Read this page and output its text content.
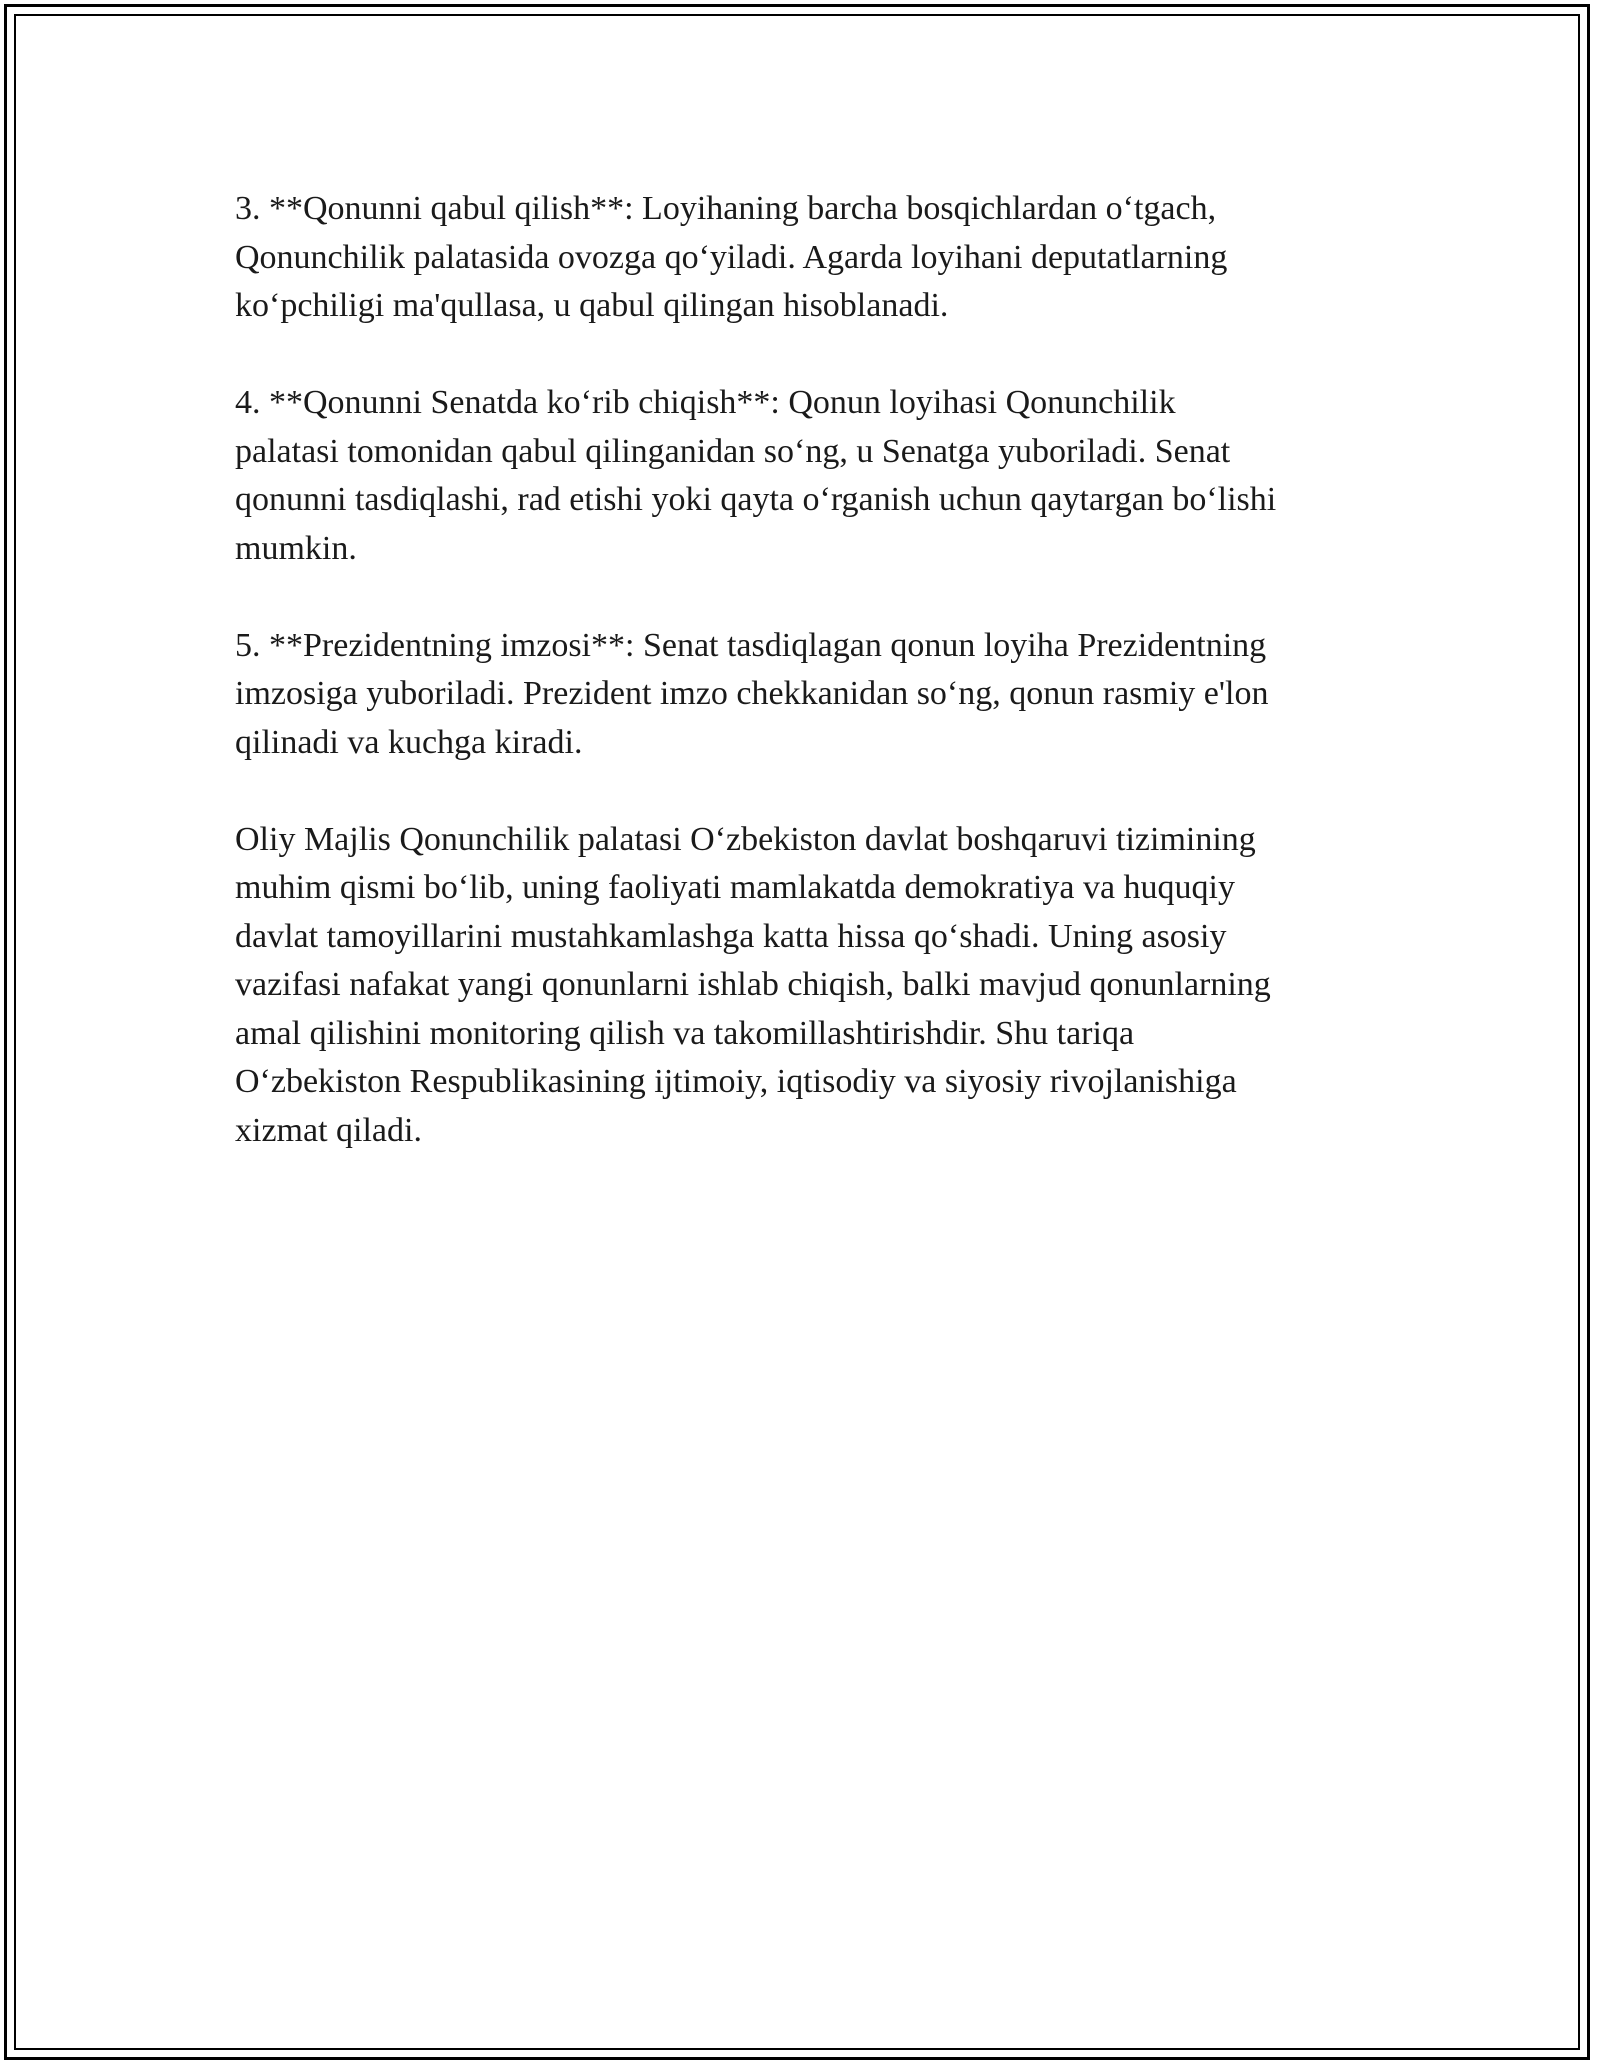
3. **Qonunni qabul qilish**: Loyihaning barcha bosqichlardan o‘tgach,
Qonunchilik palatasida ovozga qo‘yiladi. Agarda loyihani deputatlarning
ko‘pchiligi ma'qullasa, u qabul qilingan hisoblanadi.

4. **Qonunni Senatda ko‘rib chiqish**: Qonun loyihasi Qonunchilik
palatasi tomonidan qabul qilinganidan so‘ng, u Senatga yuboriladi. Senat
qonunni tasdiqlashi, rad etishi yoki qayta o‘rganish uchun qaytargan bo‘lishi
mumkin.

5. **Prezidentning imzosi**: Senat tasdiqlagan qonun loyiha Prezidentning
imzosiga yuboriladi. Prezident imzo chekkanidan so‘ng, qonun rasmiy e'lon
qilinadi va kuchga kiradi.

Oliy Majlis Qonunchilik palatasi O‘zbekiston davlat boshqaruvi tizimining
muhim qismi bo‘lib, uning faoliyati mamlakatda demokratiya va huquqiy
davlat tamoyillarini mustahkamlashga katta hissa qo‘shadi. Uning asosiy
vazifasi nafakat yangi qonunlarni ishlab chiqish, balki mavjud qonunlarning
amal qilishini monitoring qilish va takomillashtirishdir. Shu tariqa
O‘zbekiston Respublikasining ijtimoiy, iqtisodiy va siyosiy rivojlanishiga
xizmat qiladi.
